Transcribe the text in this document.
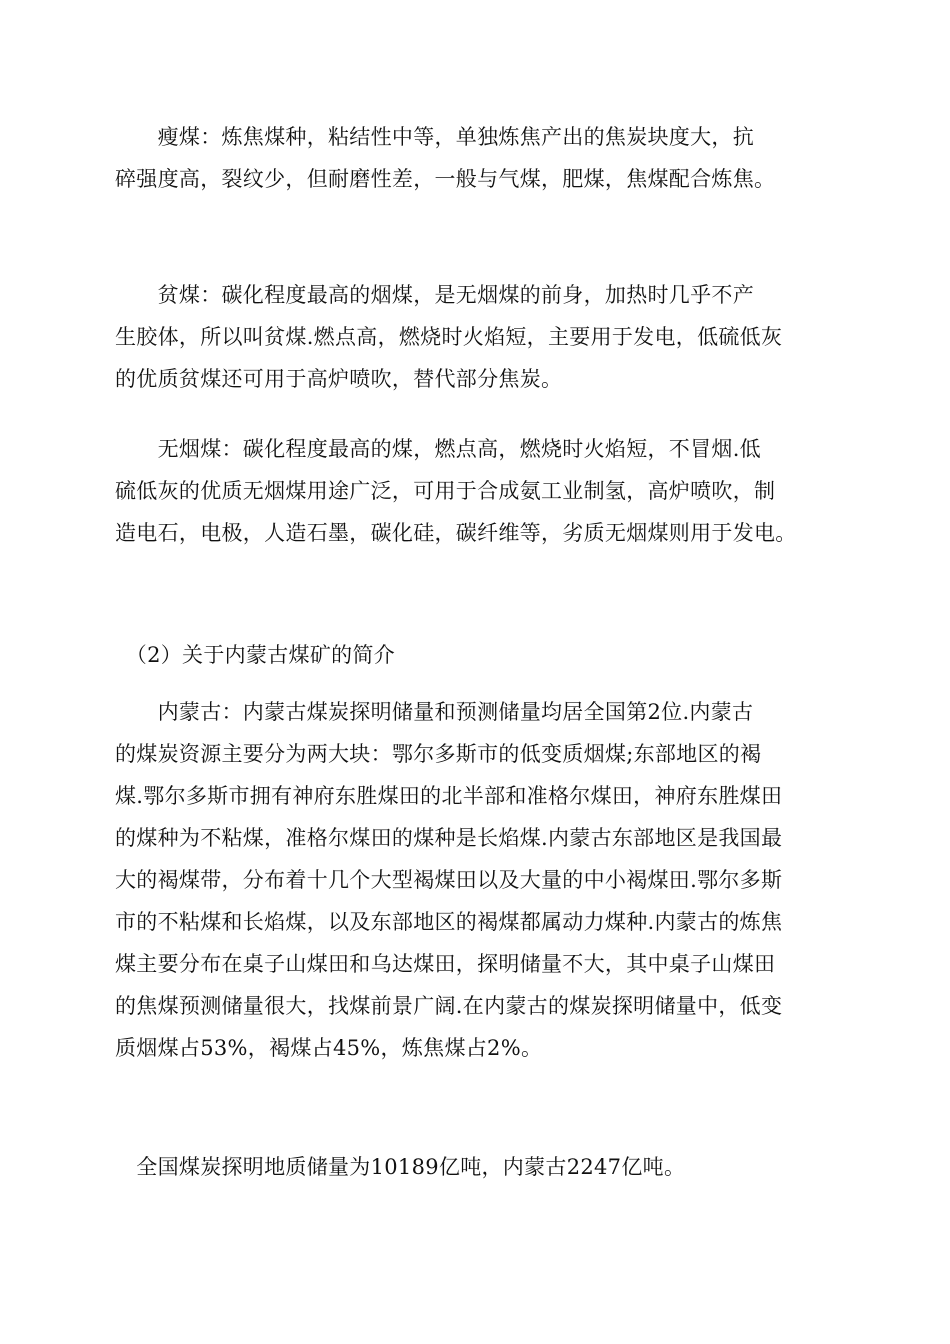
　　瘦煤：炼焦煤种，粘结性中等，单独炼焦产出的焦炭块度大，抗
碎强度高，裂纹少，但耐磨性差，一般与气煤，肥煤，焦煤配合炼焦。

　　贫煤：碳化程度最高的烟煤，是无烟煤的前身，加热时几乎不产
生胶体，所以叫贫煤.燃点高，燃烧时火焰短，主要用于发电，低硫低灰
的优质贫煤还可用于高炉喷吹，替代部分焦炭。

　　无烟煤：碳化程度最高的煤，燃点高，燃烧时火焰短，不冒烟.低
硫低灰的优质无烟煤用途广泛，可用于合成氨工业制氢，高炉喷吹，制
造电石，电极，人造石墨，碳化硅，碳纤维等，劣质无烟煤则用于发电。

　（2）关于内蒙古煤矿的简介

　　内蒙古：内蒙古煤炭探明储量和预测储量均居全国第2位.内蒙古
的煤炭资源主要分为两大块：鄂尔多斯市的低变质烟煤;东部地区的褐
煤.鄂尔多斯市拥有神府东胜煤田的北半部和准格尔煤田，神府东胜煤田
的煤种为不粘煤，准格尔煤田的煤种是长焰煤.内蒙古东部地区是我国最
大的褐煤带，分布着十几个大型褐煤田以及大量的中小褐煤田.鄂尔多斯
市的不粘煤和长焰煤，以及东部地区的褐煤都属动力煤种.内蒙古的炼焦
煤主要分布在桌子山煤田和乌达煤田，探明储量不大，其中桌子山煤田
的焦煤预测储量很大，找煤前景广阔.在内蒙古的煤炭探明储量中，低变
质烟煤占53%，褐煤占45%，炼焦煤占2%。

　全国煤炭探明地质储量为10189亿吨，内蒙古2247亿吨。
